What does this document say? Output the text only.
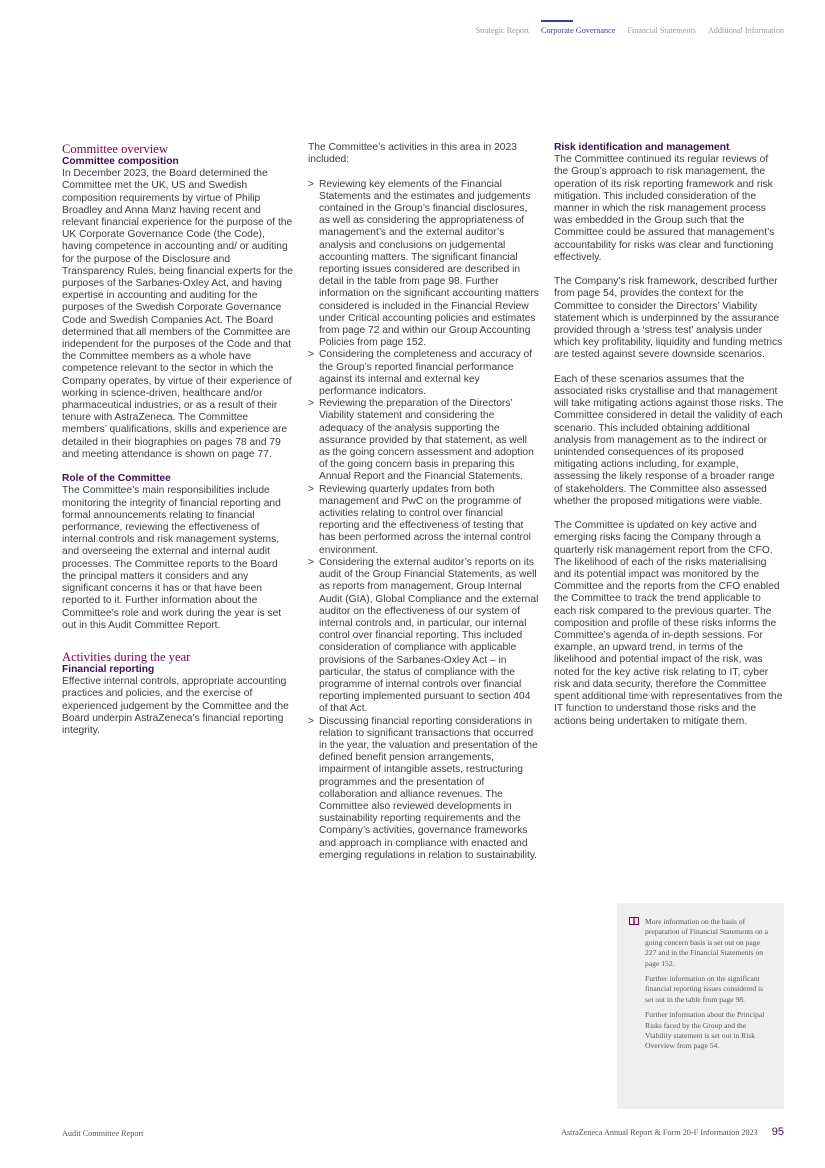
Strategic Report Corporate Governance Financial Statements Additional Information
Committee overview
Committee composition

In December 2023, the Board determined the Committee met the UK, US and Swedish composition requirements by virtue of Philip Broadley and Anna Manz having recent and relevant financial experience for the purpose of the UK Corporate Governance Code (the Code), having competence in accounting and/ or auditing for the purpose of the Disclosure and Transparency Rules, being financial experts for the purposes of the Sarbanes-Oxley Act, and having expertise in accounting and auditing for the purposes of the Swedish Corporate Governance Code and Swedish Companies Act. The Board determined that all members of the Committee are independent for the purposes of the Code and that the Committee members as a whole have competence relevant to the sector in which the Company operates, by virtue of their experience of working in science-driven, healthcare and/or pharmaceutical industries, or as a result of their tenure with AstraZeneca. The Committee members’ qualifications, skills and experience are detailed in their biographies on pages 78 and 79 and meeting attendance is shown on page 77.

Role of the Committee

The Committee’s main responsibilities include monitoring the integrity of financial reporting and formal announcements relating to financial performance, reviewing the effectiveness of internal controls and risk management systems, and overseeing the external and internal audit processes. The Committee reports to the Board the principal matters it considers and any significant concerns it has or that have been reported to it. Further information about the Committee’s role and work during the year is set out in this Audit Committee Report.

Activities during the year
Financial reporting

Effective internal controls, appropriate accounting practices and policies, and the exercise of experienced judgement by the Committee and the Board underpin AstraZeneca’s financial reporting integrity.

The Committee’s activities in this area in 2023 included:

> Reviewing key elements of the Financial Statements and the estimates and judgements contained in the Group’s financial disclosures, as well as considering the appropriateness of management’s and the external auditor’s analysis and conclusions on judgemental accounting matters. The significant financial reporting issues considered are described in detail in the table from page 98. Further information on the significant accounting matters considered is included in the Financial Review under Critical accounting policies and estimates from page 72 and within our Group Accounting Policies from page 152.
> Considering the completeness and accuracy of the Group’s reported financial performance against its internal and external key performance indicators.
> Reviewing the preparation of the Directors’ Viability statement and considering the adequacy of the analysis supporting the assurance provided by that statement, as well as the going concern assessment and adoption of the going concern basis in preparing this Annual Report and the Financial Statements.
> Reviewing quarterly updates from both management and PwC on the programme of activities relating to control over financial reporting and the effectiveness of testing that has been performed across the internal control environment.
> Considering the external auditor’s reports on its audit of the Group Financial Statements, as well as reports from management, Group Internal Audit (GIA), Global Compliance and the external auditor on the effectiveness of our system of internal controls and, in particular, our internal control over financial reporting. This included consideration of compliance with applicable provisions of the Sarbanes-Oxley Act – in particular, the status of compliance with the programme of internal controls over financial reporting implemented pursuant to section 404 of that Act.
> Discussing financial reporting considerations in relation to significant transactions that occurred in the year, the valuation and presentation of the defined benefit pension arrangements, impairment of intangible assets, restructuring programmes and the presentation of collaboration and alliance revenues. The Committee also reviewed developments in sustainability reporting requirements and the Company’s activities, governance frameworks and approach in compliance with enacted and emerging regulations in relation to sustainability.
Risk identification and management

The Committee continued its regular reviews of the Group’s approach to risk management, the operation of its risk reporting framework and risk mitigation. This included consideration of the manner in which the risk management process was embedded in the Group such that the Committee could be assured that management’s accountability for risks was clear and functioning effectively.

The Company’s risk framework, described further from page 54, provides the context for the Committee to consider the Directors’ Viability statement which is underpinned by the assurance provided through a ‘stress test’ analysis under which key profitability, liquidity and funding metrics are tested against severe downside scenarios.

Each of these scenarios assumes that the associated risks crystallise and that management will take mitigating actions against those risks. The Committee considered in detail the validity of each scenario. This included obtaining additional analysis from management as to the indirect or unintended consequences of its proposed mitigating actions including, for example, assessing the likely response of a broader range of stakeholders. The Committee also assessed whether the proposed mitigations were viable.

The Committee is updated on key active and emerging risks facing the Company through a quarterly risk management report from the CFO. The likelihood of each of the risks materialising and its potential impact was monitored by the Committee and the reports from the CFO enabled the Committee to track the trend applicable to each risk compared to the previous quarter. The composition and profile of these risks informs the Committee’s agenda of in-depth sessions. For example, an upward trend, in terms of the likelihood and potential impact of the risk, was noted for the key active risk relating to IT, cyber risk and data security, therefore the Committee spent additional time with representatives from the IT function to understand those risks and the actions being undertaken to mitigate them.

More information on the basis of preparation of Financial Statements on a going concern basis is set out on page 227 and in the Financial Statements on page 152.

Further information on the significant financial reporting issues considered is set out in the table from page 98.

Further information about the Principal Risks faced by the Group and the Viability statement is set out in Risk Overview from page 54.

Audit Committee Report	AstraZeneca Annual Report & Form 20-F Information 2023 95
